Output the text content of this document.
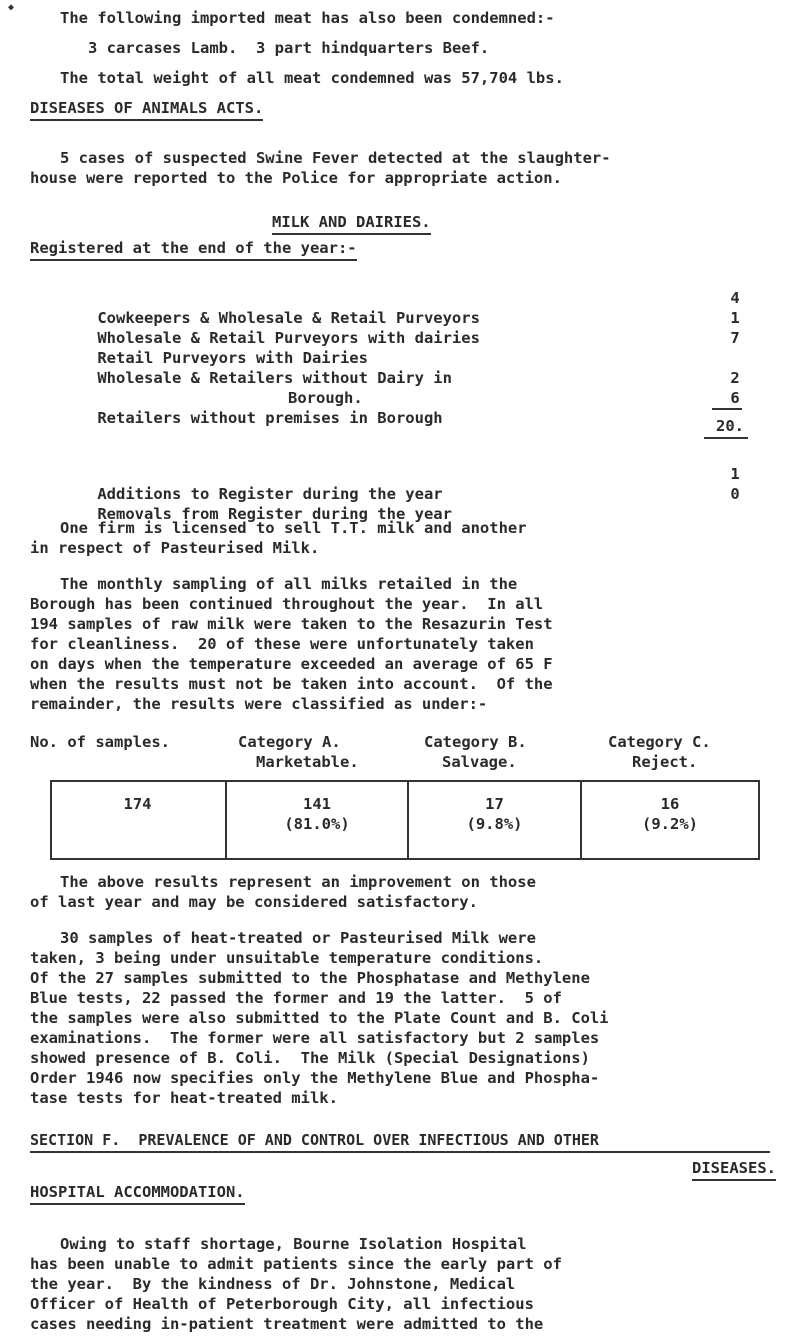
◆
The following imported meat has also been condemned:-
3 carcases Lamb.  3 part hindquarters Beef.
The total weight of all meat condemned was 57,704 lbs.
DISEASES OF ANIMALS ACTS.
5 cases of suspected Swine Fever detected at the slaughter-
house were reported to the Police for appropriate action.
MILK AND DAIRIES.
Registered at the end of the year:-

Cowkeepers & Wholesale & Retail Purveyors

4

Wholesale & Retail Purveyors with dairies

1

Retail Purveyors with Dairies

7

Wholesale & Retailers without Dairy in

Borough.

2

Retailers without premises in Borough

6

20.

Additions to Register during the year

1

Removals from Register during the year

0

One firm is licensed to sell T.T. milk and another
in respect of Pasteurised Milk.
The monthly sampling of all milks retailed in the
Borough has been continued throughout the year.  In all
194 samples of raw milk were taken to the Resazurin Test
for cleanliness.  20 of these were unfortunately taken
on days when the temperature exceeded an average of 65 F
when the results must not be taken into account.  Of the
remainder, the results were classified as under:-
No. of samples.	Category A.
Marketable.
Category B.
Salvage.
Category C.
Reject.
174	141
(81.0%)
17
(9.8%)
16
(9.2%)
The above results represent an improvement on those
of last year and may be considered satisfactory.
30 samples of heat-treated or Pasteurised Milk were
taken, 3 being under unsuitable temperature conditions.
Of the 27 samples submitted to the Phosphatase and Methylene
Blue tests, 22 passed the former and 19 the latter.  5 of
the samples were also submitted to the Plate Count and B. Coli
examinations.  The former were all satisfactory but 2 samples
showed presence of B. Coli.  The Milk (Special Designations)
Order 1946 now specifies only the Methylene Blue and Phospha-
tase tests for heat-treated milk.
SECTION F.  PREVALENCE OF AND CONTROL OVER INFECTIOUS AND OTHER
DISEASES.
HOSPITAL ACCOMMODATION.
Owing to staff shortage, Bourne Isolation Hospital
has been unable to admit patients since the early part of
the year.  By the kindness of Dr. Johnstone, Medical
Officer of Health of Peterborough City, all infectious
cases needing in-patient treatment were admitted to the
